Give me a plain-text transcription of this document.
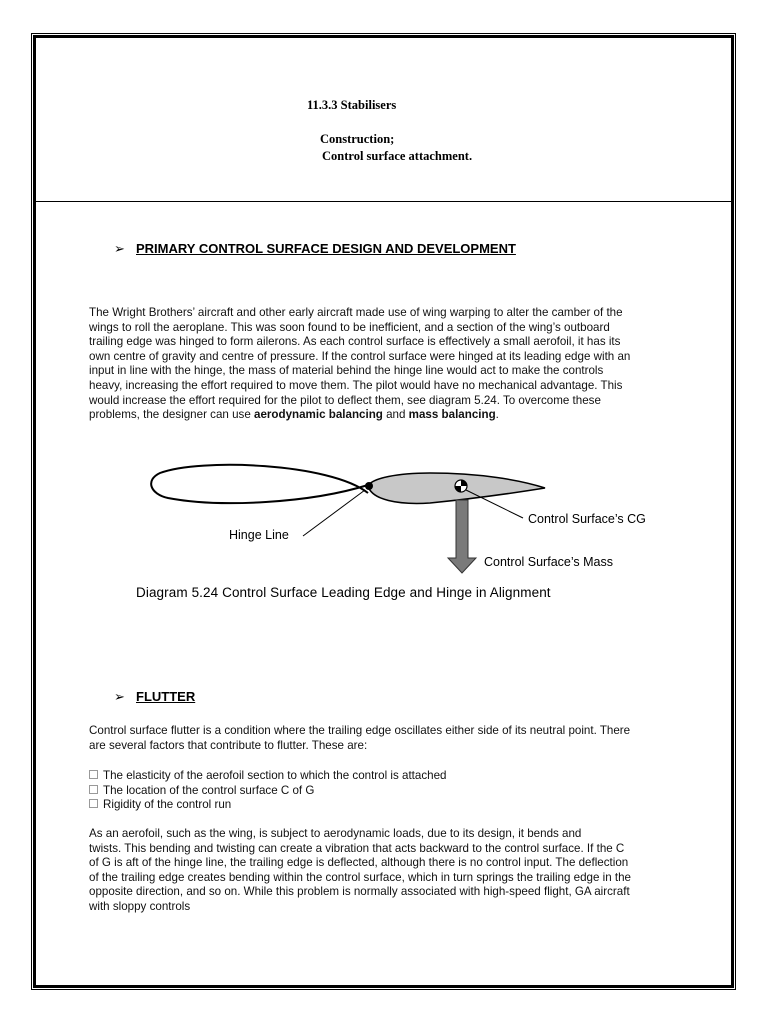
11.3.3 Stabilisers
Construction;
Control surface attachment.
➢ PRIMARY CONTROL SURFACE DESIGN AND DEVELOPMENT
The Wright Brothers’ aircraft and other early aircraft made use of wing warping to alter the camber of the
wings to roll the aeroplane. This was soon found to be inefficient, and a section of the wing’s outboard
trailing edge was hinged to form ailerons. As each control surface is effectively a small aerofoil, it has its
own centre of gravity and centre of pressure. If the control surface were hinged at its leading edge with an
input in line with the hinge, the mass of material behind the hinge line would act to make the controls
heavy, increasing the effort required to move them. The pilot would have no mechanical advantage. This
would increase the effort required for the pilot to deflect them, see diagram 5.24. To overcome these
problems, the designer can use aerodynamic balancing and mass balancing.
Hinge Line
Control Surface’s CG
Control Surface’s Mass
Diagram 5.24 Control Surface Leading Edge and Hinge in Alignment
➢ FLUTTER
Control surface flutter is a condition where the trailing edge oscillates either side of its neutral point. There
are several factors that contribute to flutter. These are:
The elasticity of the aerofoil section to which the control is attached
The location of the control surface C of G
Rigidity of the control run
As an aerofoil, such as the wing, is subject to aerodynamic loads, due to its design, it bends and
twists. This bending and twisting can create a vibration that acts backward to the control surface. If the C
of G is aft of the hinge line, the trailing edge is deflected, although there is no control input. The deflection
of the trailing edge creates bending within the control surface, which in turn springs the trailing edge in the
opposite direction, and so on. While this problem is normally associated with high-speed flight, GA aircraft
with sloppy controls
